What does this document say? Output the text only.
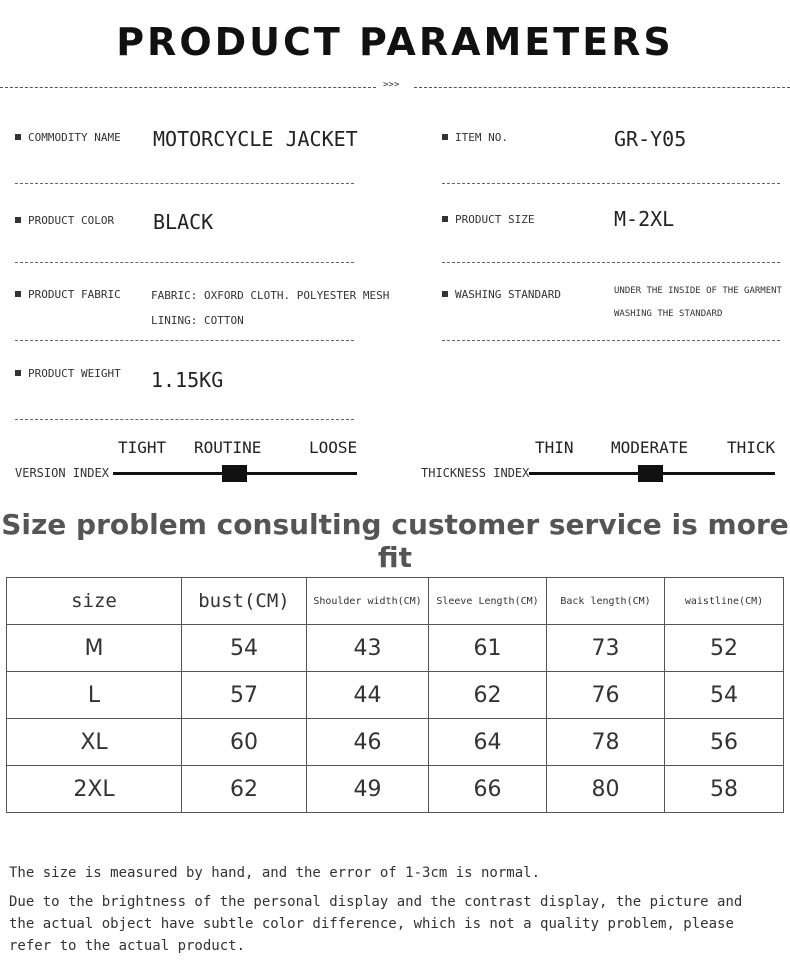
PRODUCT PARAMETERS
>>>
COMMODITY NAME MOTORCYCLE JACKET	ITEM NO.	GR-Y05
PRODUCT COLOR BLACK	PRODUCT SIZE	M-2XL
PRODUCT FABRIC	FABRIC: OXFORD CLOTH. POLYESTER MESH
LINING: COTTON
WASHING STANDARD	UNDER THE INSIDE OF THE GARMENT
WASHING THE STANDARD
PRODUCT WEIGHT 1.15KG
TIGHT ROUTINE	LOOSE
VERSION INDEX
THIN MODERATE THICK
THICKNESS INDEX
Size problem consulting customer service is more fit
size	bust(CM)	Shoulder width(CM)	Sleeve Length(CM)	Back length(CM)	waistline(CM)
M	54	43	61	73	52
L	57	44	62	76	54
XL	60	46	64	78	56
2XL	62	49	66	80	58
The size is measured by hand, and the error of 1-3cm is normal.
Due to the brightness of the personal display and the contrast display, the picture and the actual object have subtle color difference, which is not a quality problem, please refer to the actual product.
